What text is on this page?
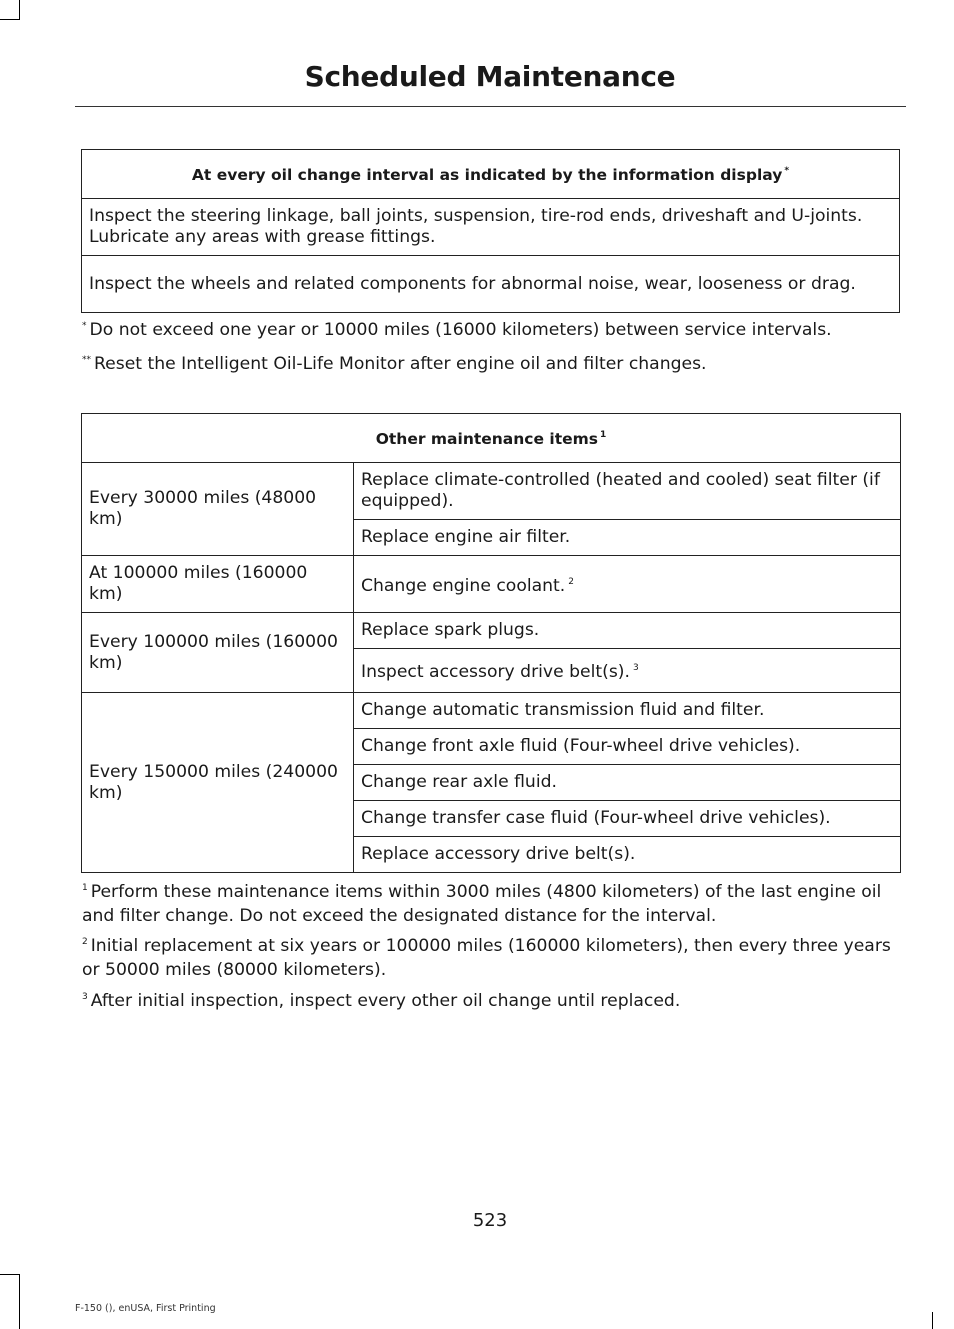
Scheduled Maintenance
At every oil change interval as indicated by the information display *
Inspect the steering linkage, ball joints, suspension, tire-rod ends, driveshaft and U-joints. Lubricate any areas with grease fittings.
Inspect the wheels and related components for abnormal noise, wear, looseness or drag.
* Do not exceed one year or 10000 miles (16000 kilometers) between service intervals.
** Reset the Intelligent Oil-Life Monitor after engine oil and filter changes.
Other maintenance items $^1$
Every 30000 miles (48000 km)	Replace climate-controlled (heated and cooled) seat filter (if equipped).
	Replace engine air filter.
At 100000 miles (160000 km)	Change engine coolant. $^2$
Every 100000 miles (160000 km)	Replace spark plugs.
	Inspect accessory drive belt(s). $^3$
Every 150000 miles (240000 km)	Change automatic transmission fluid and filter.
	Change front axle fluid (Four-wheel drive vehicles).
	Change rear axle fluid.
	Change transfer case fluid (Four-wheel drive vehicles).
	Replace accessory drive belt(s).
$^1$ Perform these maintenance items within 3000 miles (4800 kilometers) of the last engine oil and filter change. Do not exceed the designated distance for the interval.
$^2$ Initial replacement at six years or 100000 miles (160000 kilometers), then every three years or 50000 miles (80000 kilometers).
$^3$ After initial inspection, inspect every other oil change until replaced.
523
F-150 (), enUSA, First Printing
